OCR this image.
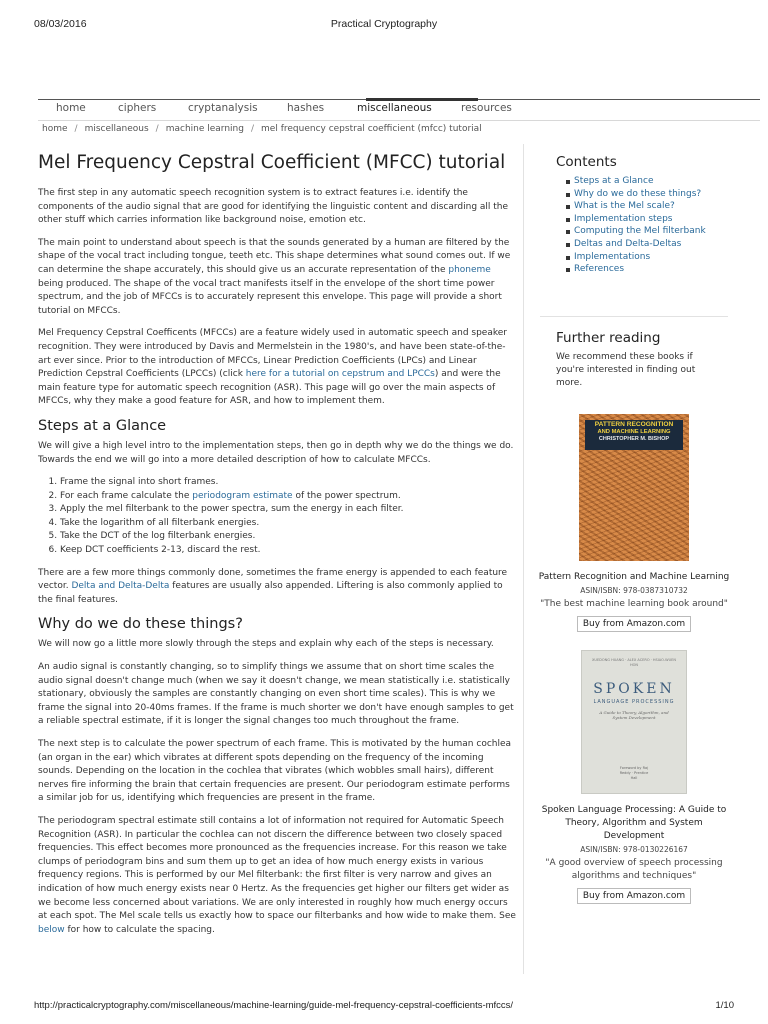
08/03/2016	Practical Cryptography
home	ciphers	cryptanalysis	hashes	miscellaneous	resources
home / miscellaneous / machine learning / mel frequency cepstral coefficient (mfcc) tutorial
Mel Frequency Cepstral Coefficient (MFCC) tutorial

The first step in any automatic speech recognition system is to extract features i.e. identify the components of the audio signal that are good for identifying the linguistic content and discarding all the other stuff which carries information like background noise, emotion etc.

The main point to understand about speech is that the sounds generated by a human are filtered by the shape of the vocal tract including tongue, teeth etc. This shape determines what sound comes out. If we can determine the shape accurately, this should give us an accurate representation of the phoneme being produced. The shape of the vocal tract manifests itself in the envelope of the short time power spectrum, and the job of MFCCs is to accurately represent this envelope. This page will provide a short tutorial on MFCCs.

Mel Frequency Cepstral Coefficents (MFCCs) are a feature widely used in automatic speech and speaker recognition. They were introduced by Davis and Mermelstein in the 1980's, and have been state-of-the-art ever since. Prior to the introduction of MFCCs, Linear Prediction Coefficients (LPCs) and Linear Prediction Cepstral Coefficients (LPCCs) (click here for a tutorial on cepstrum and LPCCs) and were the main feature type for automatic speech recognition (ASR). This page will go over the main aspects of MFCCs, why they make a good feature for ASR, and how to implement them.

Steps at a Glance

We will give a high level intro to the implementation steps, then go in depth why we do the things we do. Towards the end we will go into a more detailed description of how to calculate MFCCs.

1. Frame the signal into short frames.
2. For each frame calculate the periodogram estimate of the power spectrum.
3. Apply the mel filterbank to the power spectra, sum the energy in each filter.
4. Take the logarithm of all filterbank energies.
5. Take the DCT of the log filterbank energies.
6. Keep DCT coefficients 2-13, discard the rest.

There are a few more things commonly done, sometimes the frame energy is appended to each feature vector. Delta and Delta-Delta features are usually also appended. Liftering is also commonly applied to the final features.

Why do we do these things?

We will now go a little more slowly through the steps and explain why each of the steps is necessary.

An audio signal is constantly changing, so to simplify things we assume that on short time scales the audio signal doesn't change much (when we say it doesn't change, we mean statistically i.e. statistically stationary, obviously the samples are constantly changing on even short time scales). This is why we frame the signal into 20-40ms frames. If the frame is much shorter we don't have enough samples to get a reliable spectral estimate, if it is longer the signal changes too much throughout the frame.

The next step is to calculate the power spectrum of each frame. This is motivated by the human cochlea (an organ in the ear) which vibrates at different spots depending on the frequency of the incoming sounds. Depending on the location in the cochlea that vibrates (which wobbles small hairs), different nerves fire informing the brain that certain frequencies are present. Our periodogram estimate performs a similar job for us, identifying which frequencies are present in the frame.

The periodogram spectral estimate still contains a lot of information not required for Automatic Speech Recognition (ASR). In particular the cochlea can not discern the difference between two closely spaced frequencies. This effect becomes more pronounced as the frequencies increase. For this reason we take clumps of periodogram bins and sum them up to get an idea of how much energy exists in various frequency regions. This is performed by our Mel filterbank: the first filter is very narrow and gives an indication of how much energy exists near 0 Hertz. As the frequencies get higher our filters get wider as we become less concerned about variations. We are only interested in roughly how much energy occurs at each spot. The Mel scale tells us exactly how to space our filterbanks and how wide to make them. See below for how to calculate the spacing.

Contents
Steps at a Glance
Why do we do these things?
What is the Mel scale?
Implementation steps
Computing the Mel filterbank
Deltas and Delta-Deltas
Implementations
References
Further reading

We recommend these books if you're interested in finding out more.

PATTERN RECOGNITION
AND MACHINE LEARNING
CHRISTOPHER M. BISHOP
Pattern Recognition and Machine Learning
ASIN/ISBN: 978-0387310732
"The best machine learning book around"
Buy from Amazon.com
XUEDONG HUANG · ALEX ACERO · HSIAO-WUEN HON
SPOKEN
LANGUAGE PROCESSING
A Guide to Theory, Algorithm, and System Development
Foreword by Raj Reddy · Prentice Hall
Spoken Language Processing: A Guide to Theory, Algorithm and System Development
ASIN/ISBN: 978-0130226167
"A good overview of speech processing algorithms and techniques"
Buy from Amazon.com
http://practicalcryptography.com/miscellaneous/machine-learning/guide-mel-frequency-cepstral-coefficients-mfccs/	1/10
